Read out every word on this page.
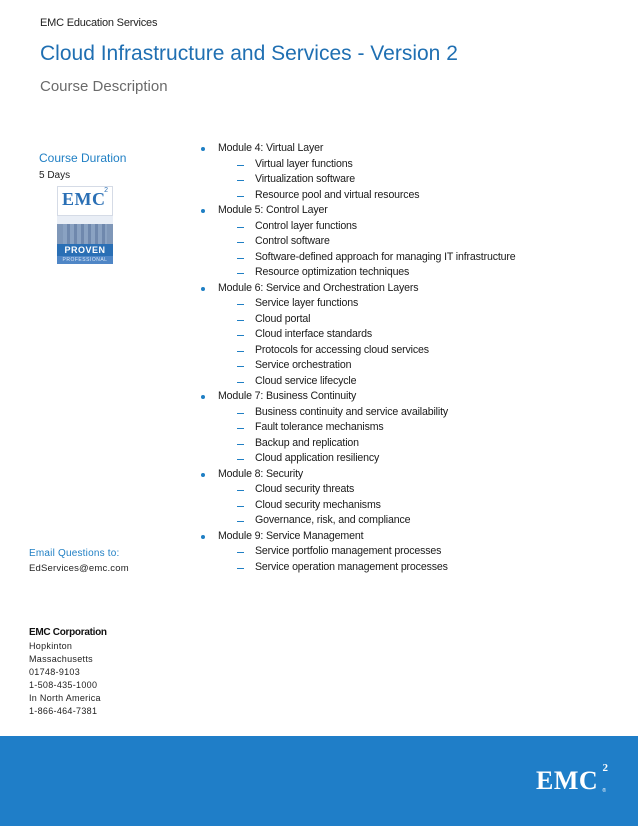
EMC Education Services
Cloud Infrastructure and Services - Version 2
Course Description
Course Duration
5 Days
EMC
2
PROVEN
PROFESSIONAL
Email Questions to:
EdServices@emc.com
EMC Corporation
Hopkinton
Massachusetts
01748-9103
1-508-435-1000
In North America
1-866-464-7381
Module 4: Virtual Layer
Virtual layer functions
Virtualization software
Resource pool and virtual resources
Module 5: Control Layer
Control layer functions
Control software
Software-defined approach for managing IT infrastructure
Resource optimization techniques
Module 6: Service and Orchestration Layers
Service layer functions
Cloud portal
Cloud interface standards
Protocols for accessing cloud services
Service orchestration
Cloud service lifecycle
Module 7: Business Continuity
Business continuity and service availability
Fault tolerance mechanisms
Backup and replication
Cloud application resiliency
Module 8: Security
Cloud security threats
Cloud security mechanisms
Governance, risk, and compliance
Module 9: Service Management
Service portfolio management processes
Service operation management processes
EMC 2
®
